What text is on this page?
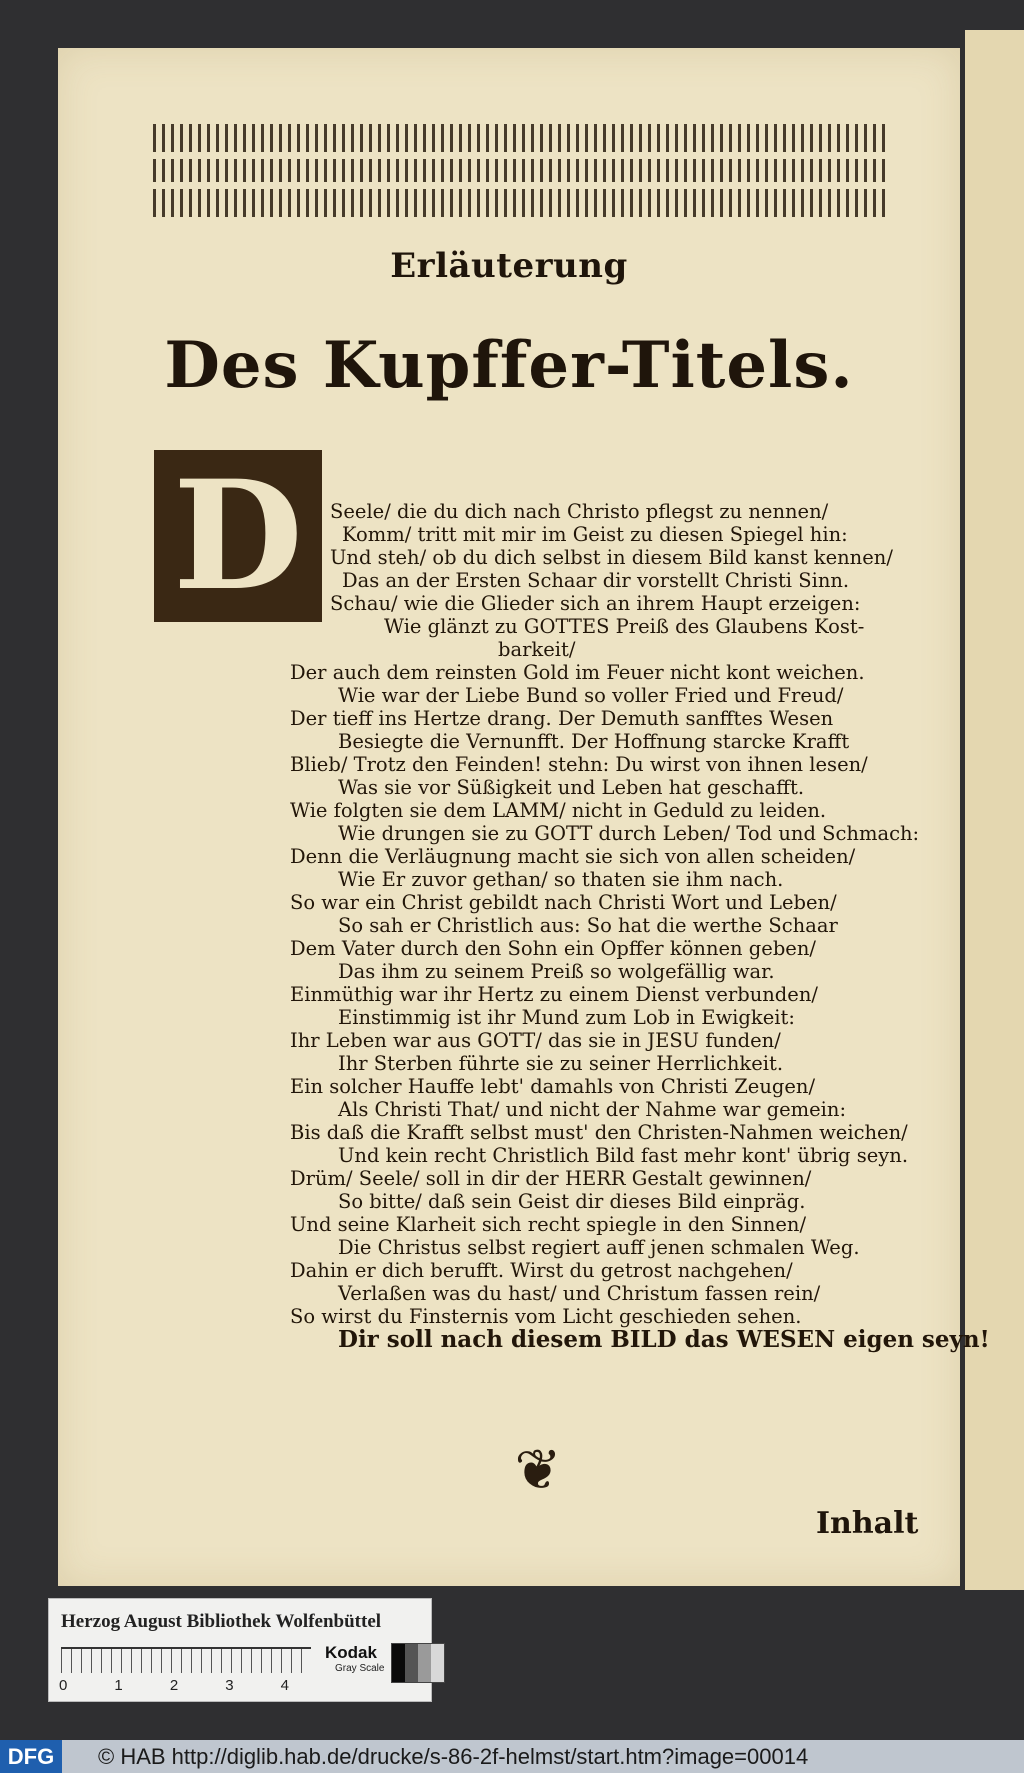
Erläuterung
Des Kupffer-Titels.
D	Seele/ die du dich nach Christo pflegst zu nennen/
Komm/ tritt mit mir im Geist zu diesen Spiegel hin:
Und steh/ ob du dich selbst in diesem Bild kanst kennen/
Das an der Ersten Schaar dir vorstellt Christi Sinn.
Schau/ wie die Glieder sich an ihrem Haupt erzeigen:
Wie glänzt zu GOTTES Preiß des Glaubens Kost-
barkeit/
Der auch dem reinsten Gold im Feuer nicht kont weichen.
Wie war der Liebe Bund so voller Fried und Freud/
Der tieff ins Hertze drang. Der Demuth sanfftes Wesen
Besiegte die Vernunfft. Der Hoffnung starcke Krafft
Blieb/ Trotz den Feinden! stehn: Du wirst von ihnen lesen/
Was sie vor Süßigkeit und Leben hat geschafft.
Wie folgten sie dem LAMM/ nicht in Geduld zu leiden.
Wie drungen sie zu GOTT durch Leben/ Tod und Schmach:
Denn die Verläugnung macht sie sich von allen scheiden/
Wie Er zuvor gethan/ so thaten sie ihm nach.
So war ein Christ gebildt nach Christi Wort und Leben/
So sah er Christlich aus: So hat die werthe Schaar
Dem Vater durch den Sohn ein Opffer können geben/
Das ihm zu seinem Preiß so wolgefällig war.
Einmüthig war ihr Hertz zu einem Dienst verbunden/
Einstimmig ist ihr Mund zum Lob in Ewigkeit:
Ihr Leben war aus GOTT/ das sie in JESU funden/
Ihr Sterben führte sie zu seiner Herrlichkeit.
Ein solcher Hauffe lebt' damahls von Christi Zeugen/
Als Christi That/ und nicht der Nahme war gemein:
Bis daß die Krafft selbst must' den Christen-Nahmen weichen/
Und kein recht Christlich Bild fast mehr kont' übrig seyn.
Drüm/ Seele/ soll in dir der HERR Gestalt gewinnen/
So bitte/ daß sein Geist dir dieses Bild einpräg.
Und seine Klarheit sich recht spiegle in den Sinnen/
Die Christus selbst regiert auff jenen schmalen Weg.
Dahin er dich berufft. Wirst du getrost nachgehen/
Verlaßen was du hast/ und Christum fassen rein/
So wirst du Finsternis vom Licht geschieden sehen.
Dir soll nach diesem BILD das WESEN eigen seyn!
❦
Inhalt
Herzog August Bibliothek Wolfenbüttel
0	1	2	3	4
Kodak
Gray Scale
DFG	© HAB http://diglib.hab.de/drucke/s-86-2f-helmst/start.htm?image=00014
